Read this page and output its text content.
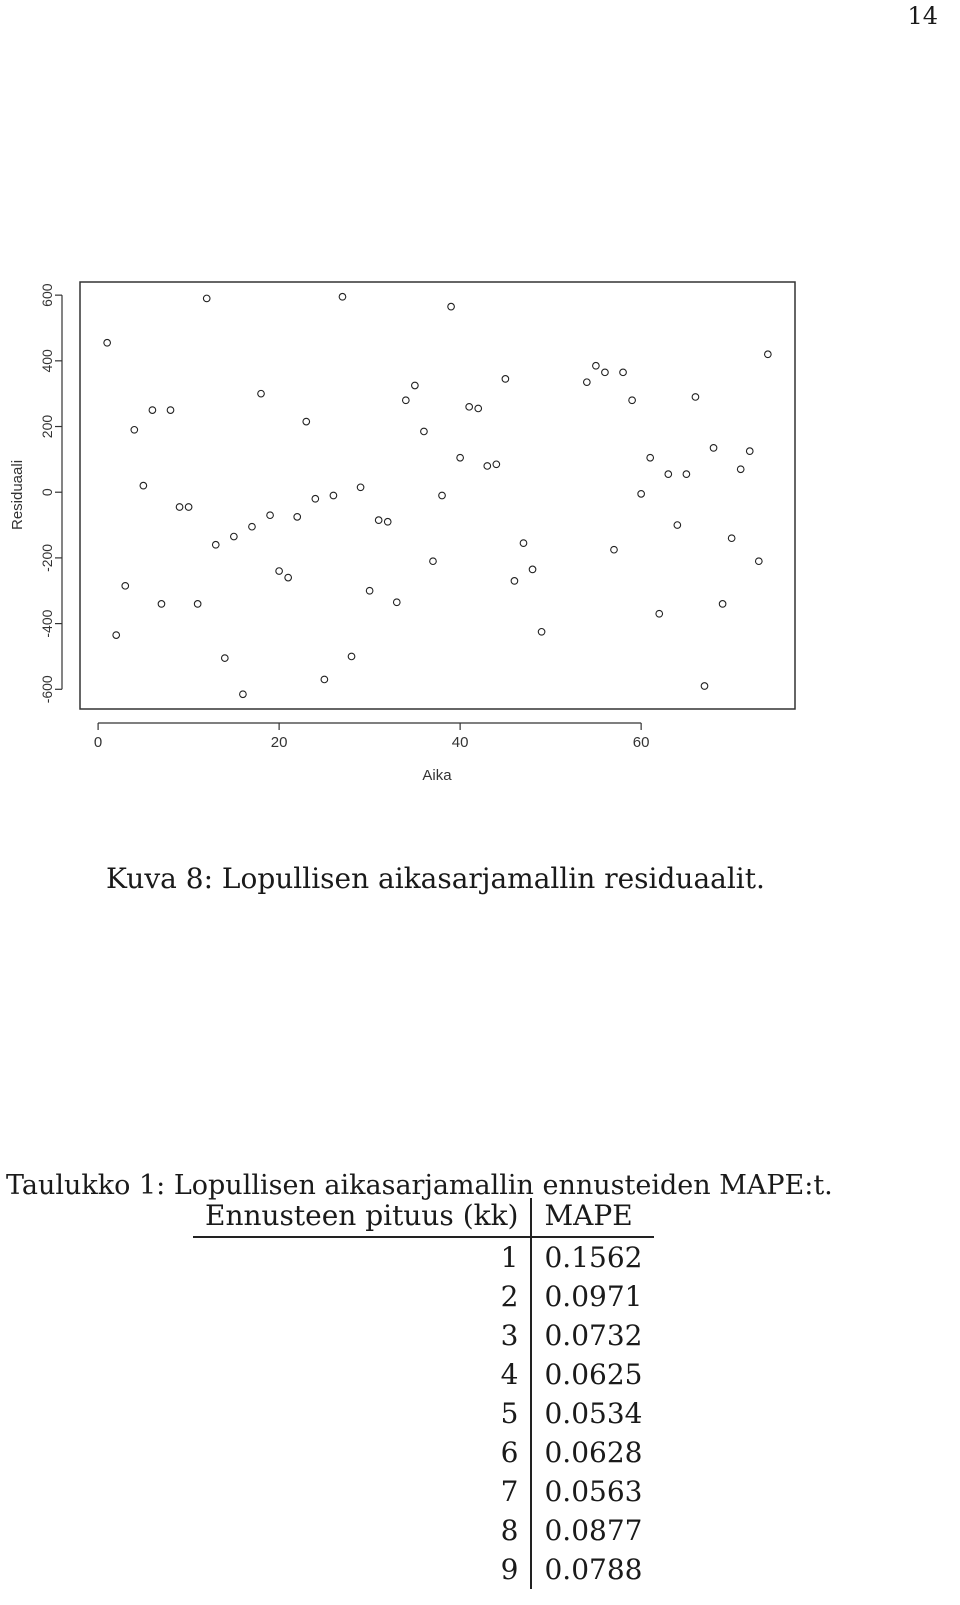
14
0	20	40	60
-600
-400
-200
0
200
400
600
Aika
Residuaali
Kuva 8: Lopullisen aikasarjamallin residuaalit.
Taulukko 1: Lopullisen aikasarjamallin ennusteiden MAPE:t.
Ennusteen pituus (kk)	MAPE
1	0.1562
2	0.0971
3	0.0732
4	0.0625
5	0.0534
6	0.0628
7	0.0563
8	0.0877
9	0.0788
